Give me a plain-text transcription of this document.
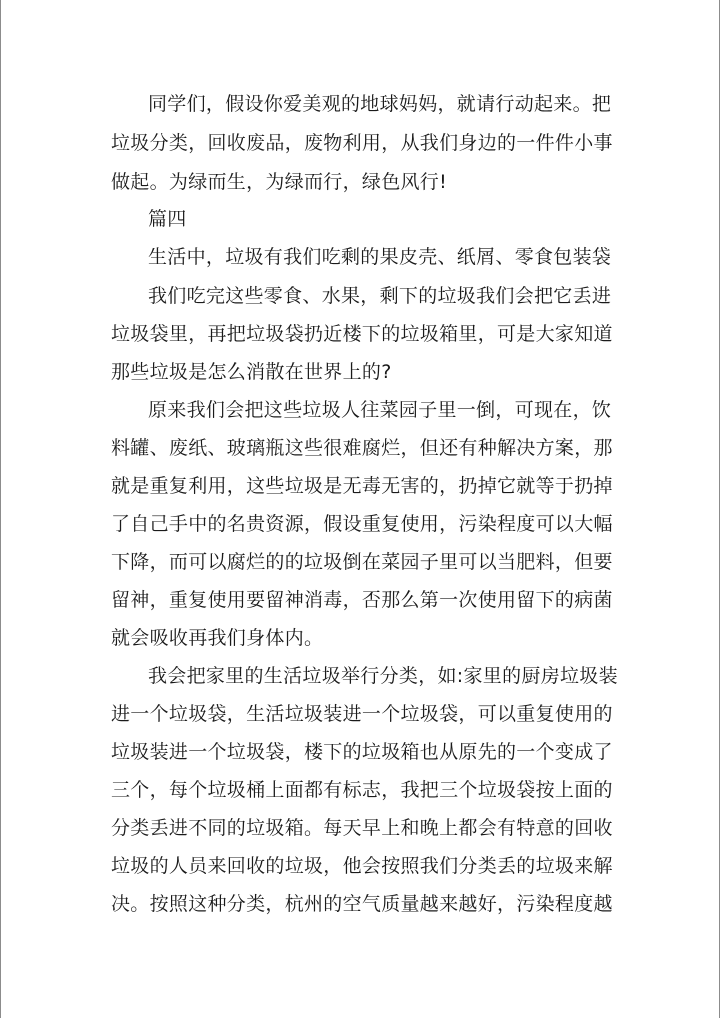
同学们，假设你爱美观的地球妈妈，就请行动起来。把
垃圾分类，回收废品，废物利用，从我们身边的一件件小事
做起。为绿而生，为绿而行，绿色风行!
篇四
生活中，垃圾有我们吃剩的果皮壳、纸屑、零食包装袋
我们吃完这些零食、水果，剩下的垃圾我们会把它丢进
垃圾袋里，再把垃圾袋扔近楼下的垃圾箱里，可是大家知道
那些垃圾是怎么消散在世界上的?
原来我们会把这些垃圾人往菜园子里一倒，可现在，饮
料罐、废纸、玻璃瓶这些很难腐烂，但还有种解决方案，那
就是重复利用，这些垃圾是无毒无害的，扔掉它就等于扔掉
了自己手中的名贵资源，假设重复使用，污染程度可以大幅
下降，而可以腐烂的的垃圾倒在菜园子里可以当肥料，但要
留神，重复使用要留神消毒，否那么第一次使用留下的病菌
就会吸收再我们身体内。
我会把家里的生活垃圾举行分类，如:家里的厨房垃圾装
进一个垃圾袋，生活垃圾装进一个垃圾袋，可以重复使用的
垃圾装进一个垃圾袋，楼下的垃圾箱也从原先的一个变成了
三个，每个垃圾桶上面都有标志，我把三个垃圾袋按上面的
分类丢进不同的垃圾箱。每天早上和晚上都会有特意的回收
垃圾的人员来回收的垃圾，他会按照我们分类丢的垃圾来解
决。按照这种分类，杭州的空气质量越来越好，污染程度越
